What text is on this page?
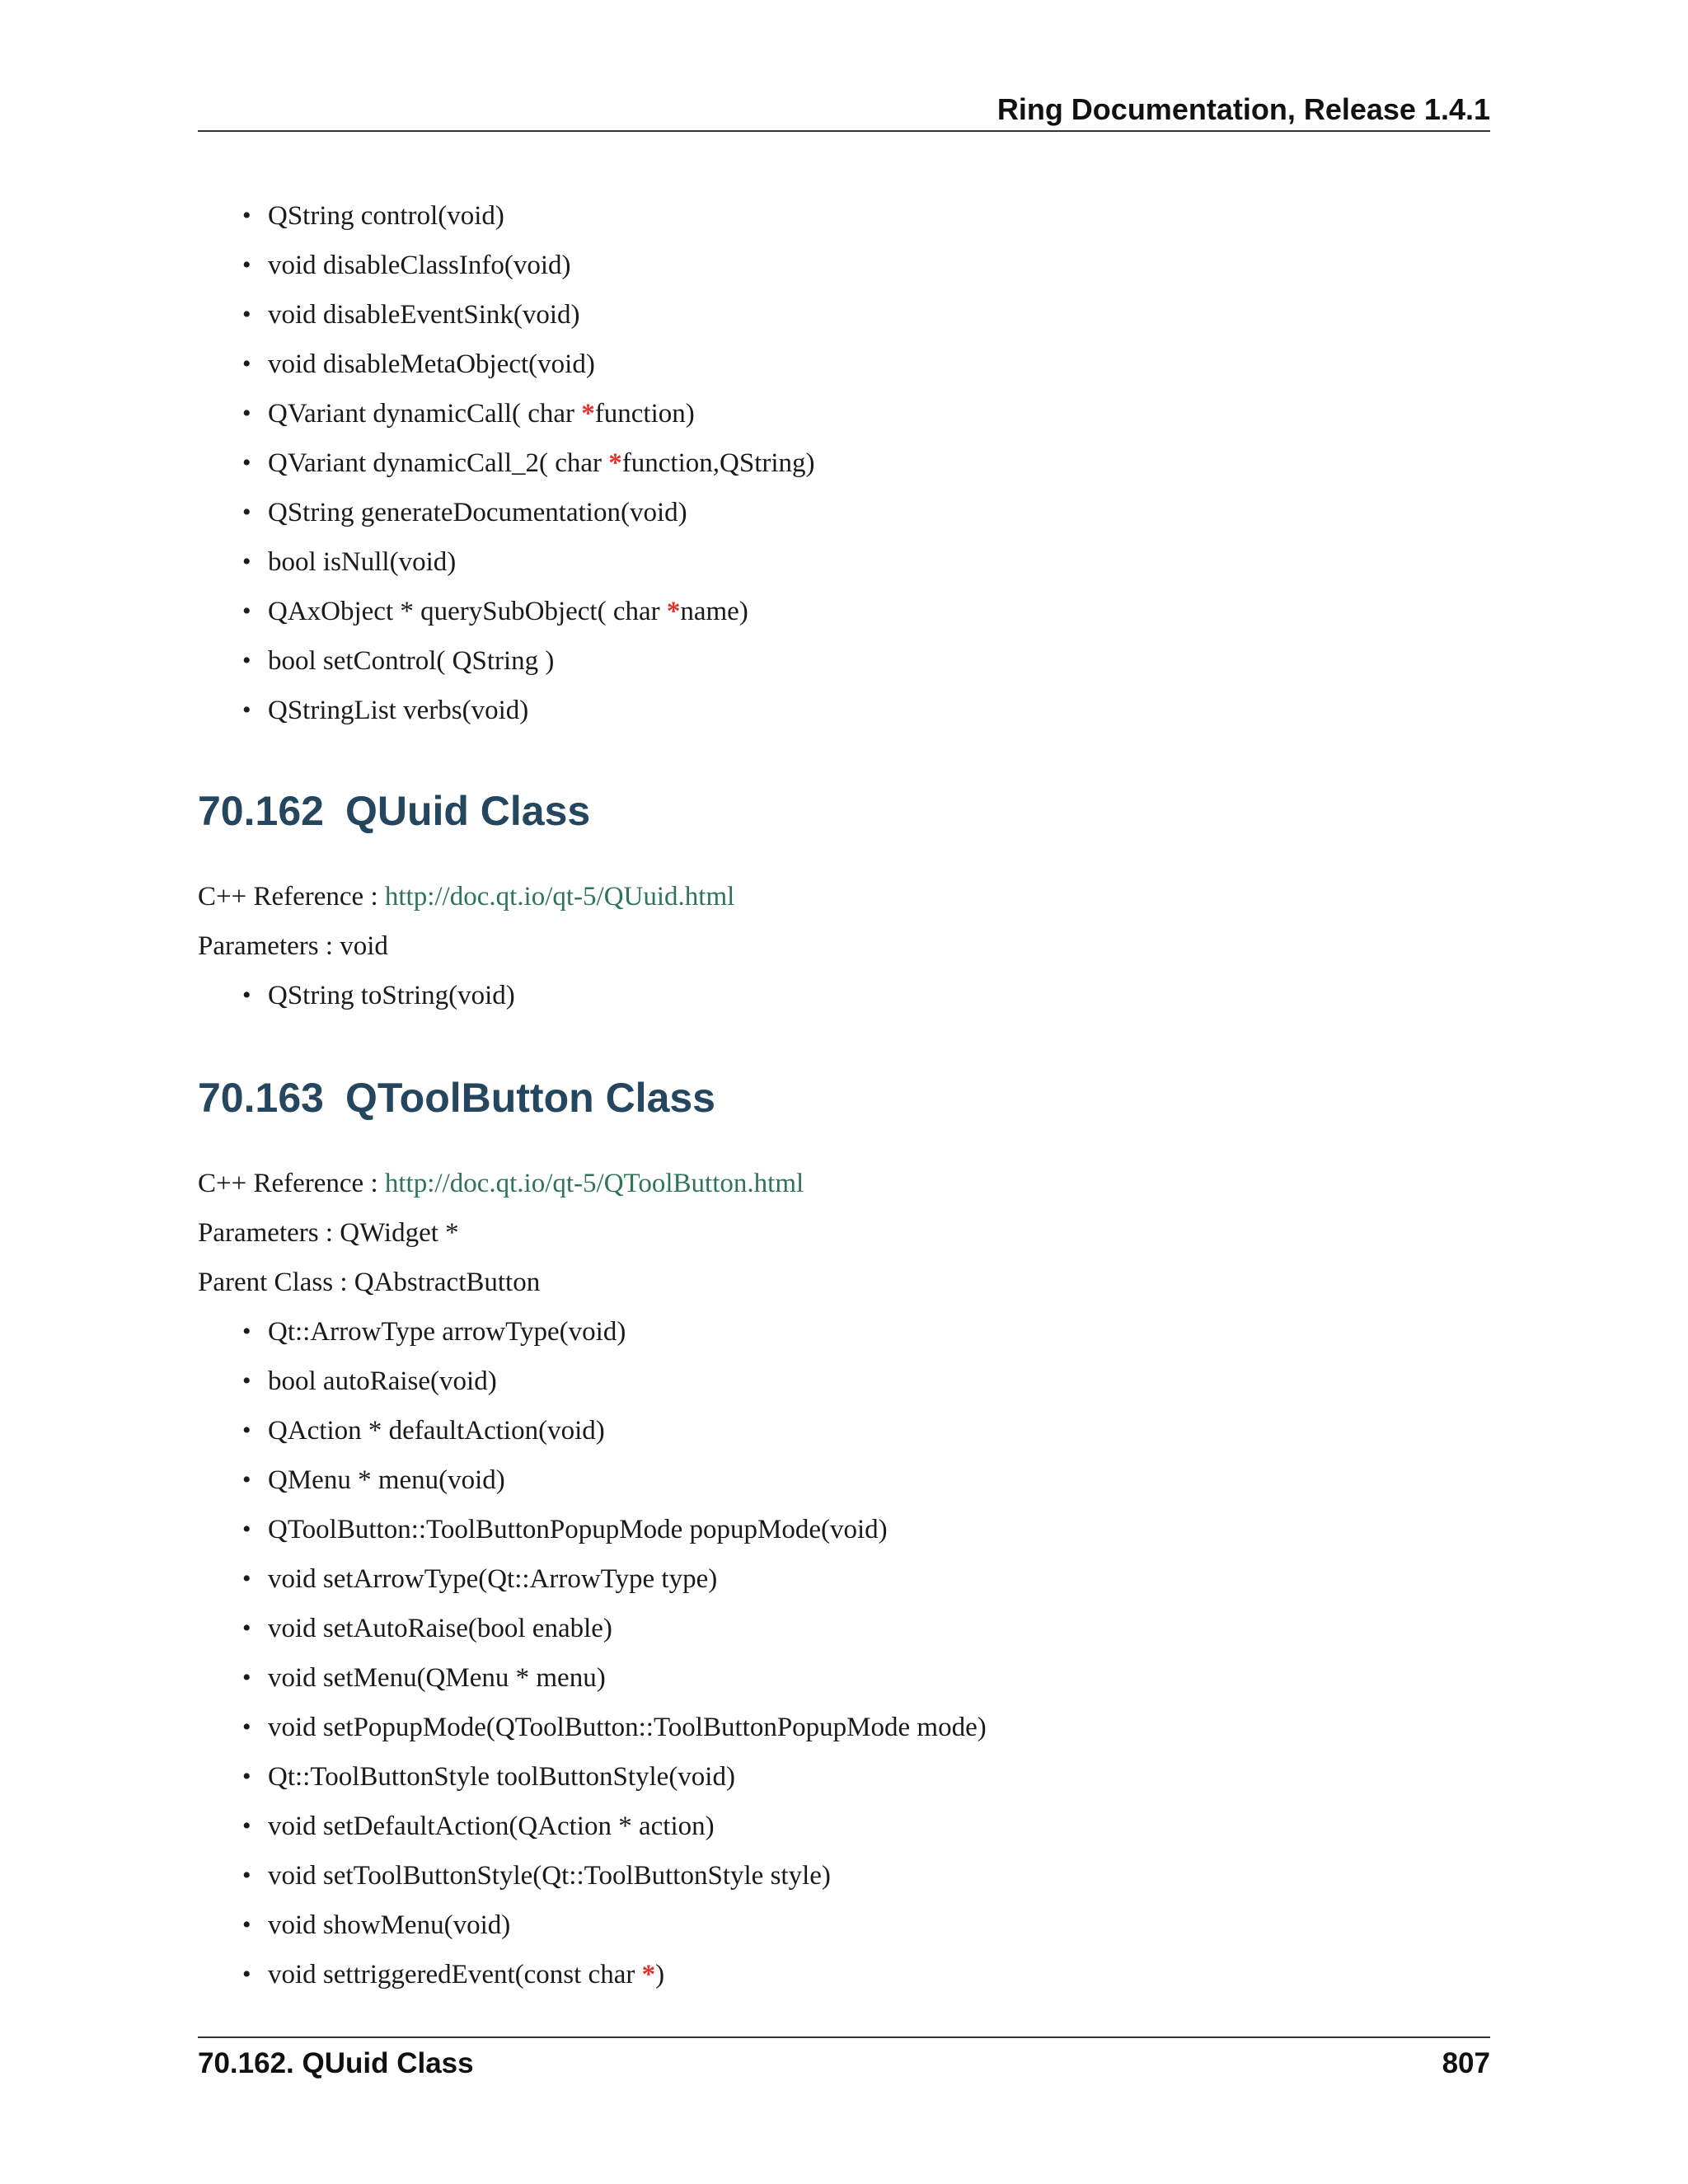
Ring Documentation, Release 1.4.1
• QString control(void)
• void disableClassInfo(void)
• void disableEventSink(void)
• void disableMetaObject(void)
• QVariant dynamicCall( char *function)
• QVariant dynamicCall_2( char *function,QString)
• QString generateDocumentation(void)
• bool isNull(void)
• QAxObject * querySubObject( char *name)
• bool setControl( QString )
• QStringList verbs(void)
70.162 QUuid Class
C++ Reference : http://doc.qt.io/qt-5/QUuid.html
Parameters : void
• QString toString(void)
70.163 QToolButton Class
C++ Reference : http://doc.qt.io/qt-5/QToolButton.html
Parameters : QWidget *
Parent Class : QAbstractButton
• Qt::ArrowType arrowType(void)
• bool autoRaise(void)
• QAction * defaultAction(void)
• QMenu * menu(void)
• QToolButton::ToolButtonPopupMode popupMode(void)
• void setArrowType(Qt::ArrowType type)
• void setAutoRaise(bool enable)
• void setMenu(QMenu * menu)
• void setPopupMode(QToolButton::ToolButtonPopupMode mode)
• Qt::ToolButtonStyle toolButtonStyle(void)
• void setDefaultAction(QAction * action)
• void setToolButtonStyle(Qt::ToolButtonStyle style)
• void showMenu(void)
• void settriggeredEvent(const char *)
70.162. QUuid Class	807
